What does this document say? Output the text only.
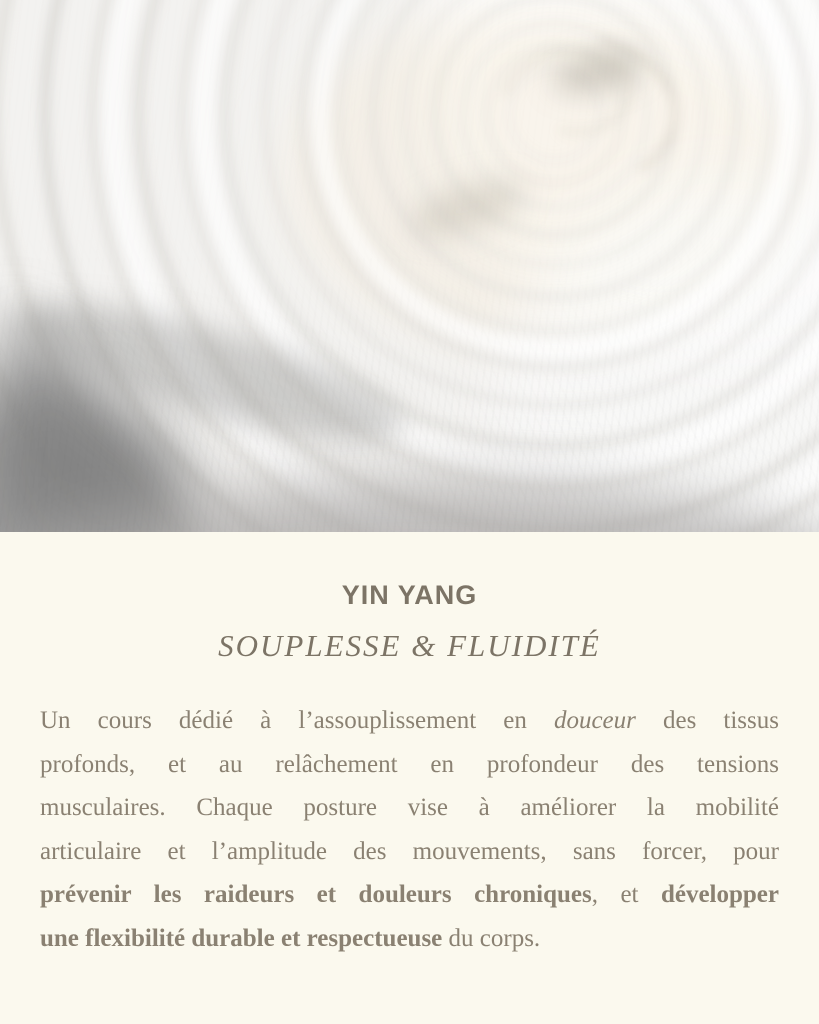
YIN YANG
SOUPLESSE & FLUIDITÉ
Un cours dédié à l’assouplissement en douceur des tissus
profonds, et au relâchement en profondeur des tensions
musculaires. Chaque posture vise à améliorer la mobilité
articulaire et l’amplitude des mouvements, sans forcer, pour
prévenir les raideurs et douleurs chroniques, et développer
une flexibilité durable et respectueuse du corps.
